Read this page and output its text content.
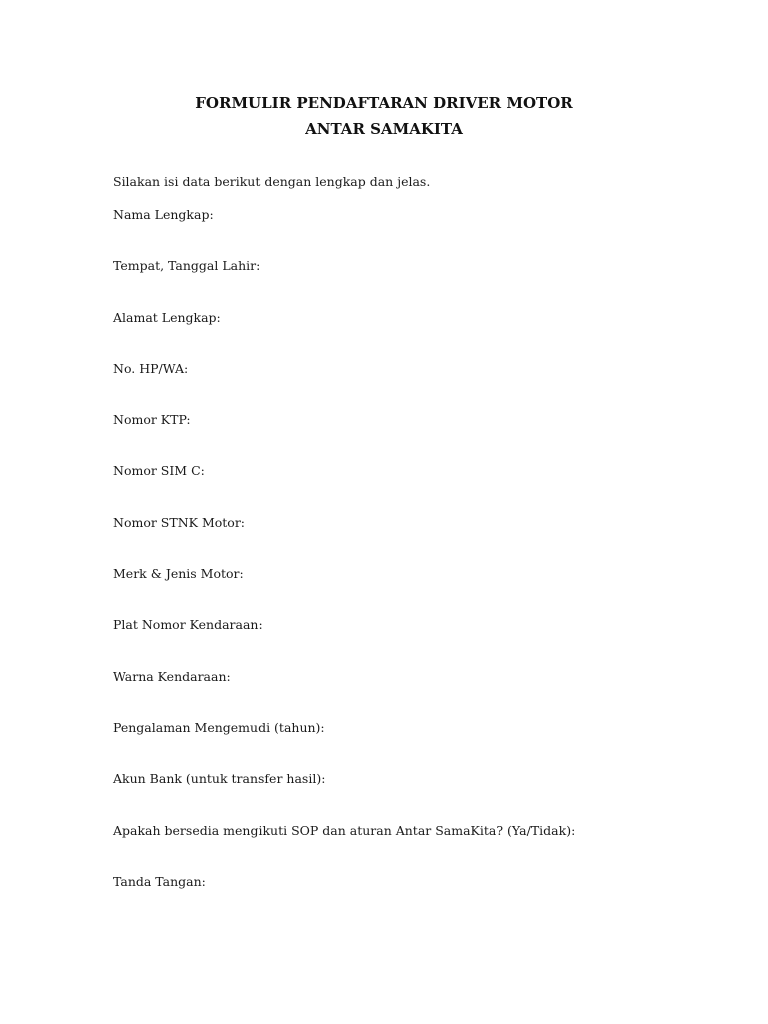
FORMULIR PENDAFTARAN DRIVER MOTOR
ANTAR SAMAKITA
Silakan isi data berikut dengan lengkap dan jelas.
Nama Lengkap:
Tempat, Tanggal Lahir:
Alamat Lengkap:
No. HP/WA:
Nomor KTP:
Nomor SIM C:
Nomor STNK Motor:
Merk & Jenis Motor:
Plat Nomor Kendaraan:
Warna Kendaraan:
Pengalaman Mengemudi (tahun):
Akun Bank (untuk transfer hasil):
Apakah bersedia mengikuti SOP dan aturan Antar SamaKita? (Ya/Tidak):
Tanda Tangan:
